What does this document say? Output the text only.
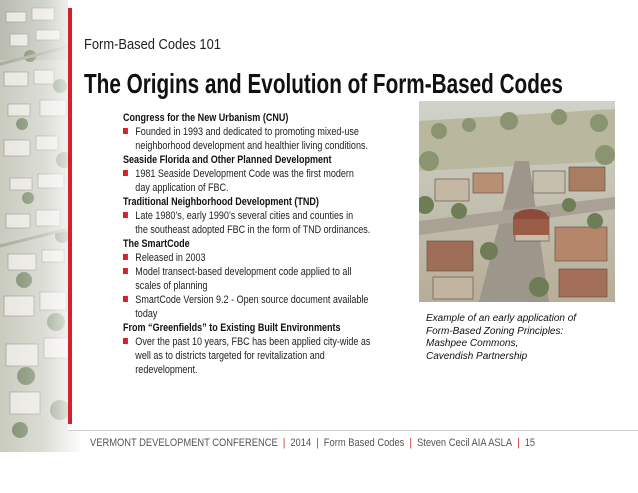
Form-Based Codes 101
The Origins and Evolution of Form-Based Codes
Congress for the New Urbanism (CNU)
Founded in 1993 and dedicated to promoting mixed-use
neighborhood development and healthier living conditions.
Seaside Florida and Other Planned Development
1981 Seaside Development Code was the first modern
day application of FBC.
Traditional Neighborhood Development (TND)
Late 1980’s, early 1990’s several cities and counties in
the southeast adopted FBC in the form of TND ordinances.
The SmartCode
Released in 2003
Model transect-based development code applied to all
scales of planning
SmartCode Version 9.2 - Open source document available
today
From “Greenfields” to Existing Built Environments
Over the past 10 years, FBC has been applied city-wide as
well as to districts targeted for revitalization and
redevelopment.
Example of an early application of
Form-Based Zoning Principles:
Mashpee Commons,
Cavendish Partnership
VERMONT DEVELOPMENT CONFERENCE | 2014 | Form Based Codes | Steven Cecil AIA ASLA | 15
